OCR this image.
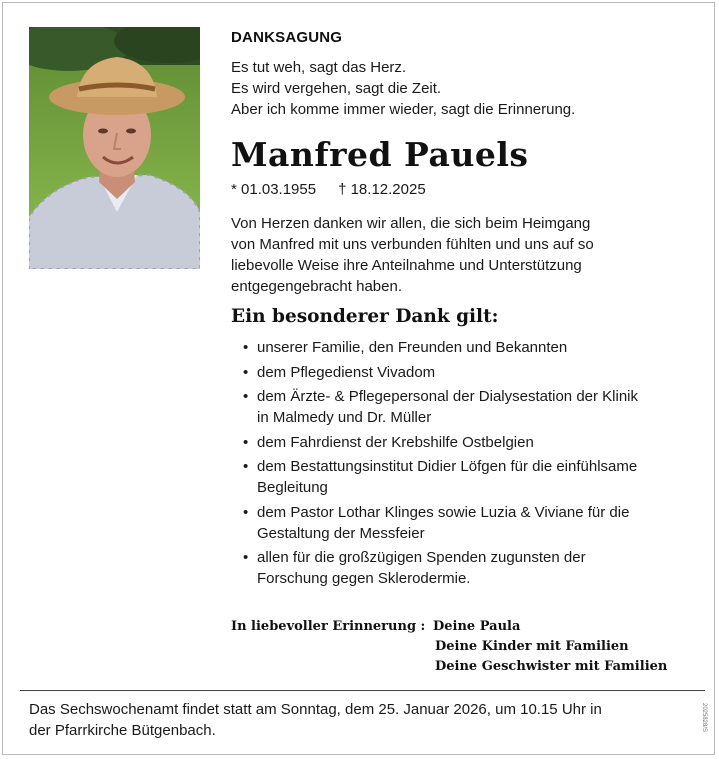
DANKSAGUNG
Es tut weh, sagt das Herz.
Es wird vergehen, sagt die Zeit.
Aber ich komme immer wieder, sagt die Erinnerung.
Manfred Pauels
* 01.03.1955 † 18.12.2025
Von Herzen danken wir allen, die sich beim Heimgang
von Manfred mit uns verbunden fühlten und uns auf so
liebevolle Weise ihre Anteilnahme und Unterstützung
entgegengebracht haben.
Ein besonderer Dank gilt:
• unserer Familie, den Freunden und Bekannten
• dem Pflegedienst Vivadom
• dem Ärzte- & Pflegepersonal der Dialysestation der Klinik
in Malmedy und Dr. Müller
• dem Fahrdienst der Krebshilfe Ostbelgien
• dem Bestattungsinstitut Didier Löfgen für die einfühlsame
Begleitung
• dem Pastor Lothar Klinges sowie Luzia & Viviane für die
Gestaltung der Messfeier
• allen für die großzügigen Spenden zugunsten der
Forschung gegen Sklerodermie.
In liebevoller Erinnerung : Deine Paula
Deine Kinder mit Familien
Deine Geschwister mit Familien
Das Sechswochenamt findet statt am Sonntag, dem 25. Januar 2026, um 10.15 Uhr in
der Pfarrkirche Bütgenbach.	2025828/S
